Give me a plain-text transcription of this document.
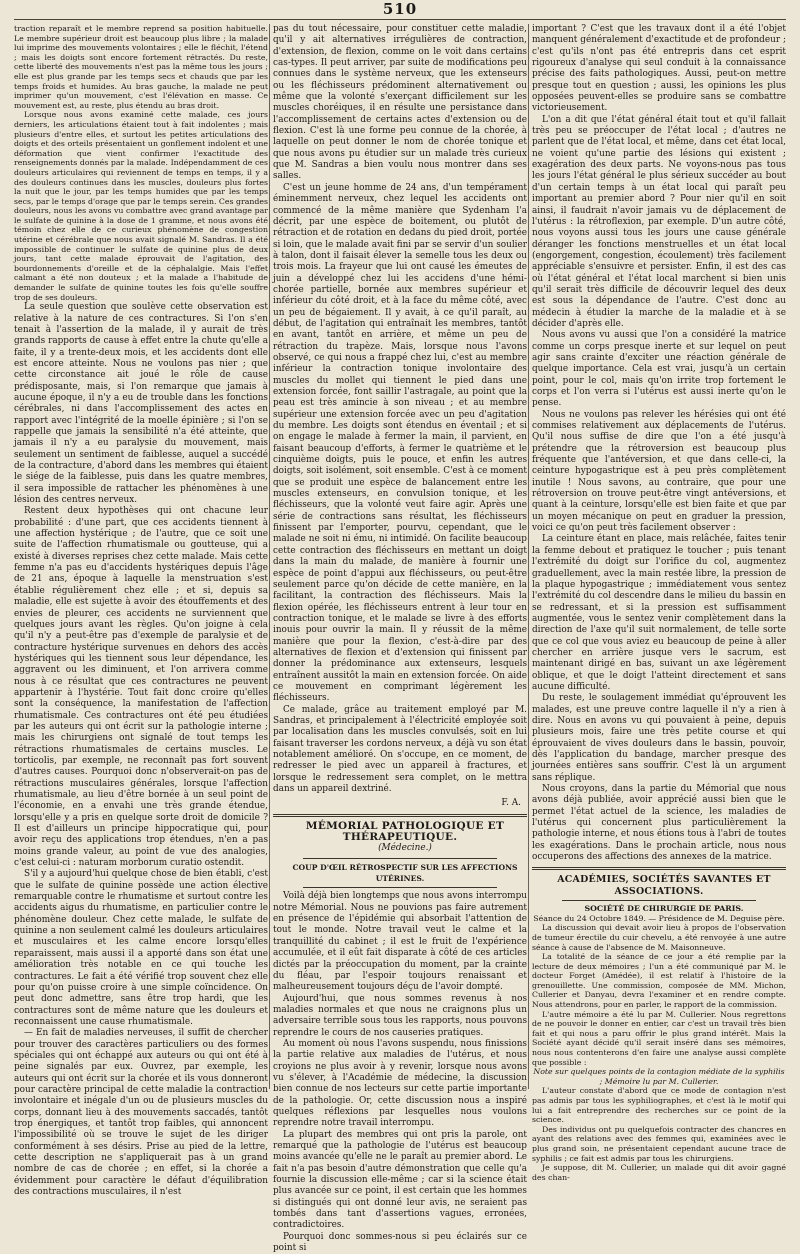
510

traction reparaît et le membre reprend sa position habituelle. Le membre supérieur droit est beaucoup plus libre ; la malade lui imprime des mouvements volontaires ; elle le fléchit, l'étend ; mais les doigts sont encore fortement rétractés. Du reste, cette liberté des mouvements n'est pas la même tous les jours ; elle est plus grande par les temps secs et chauds que par les temps froids et humides. Au bras gauche, la malade ne peut imprimer qu'un mouvement, c'est l'élévation en masse. Ce mouvement est, au reste, plus étendu au bras droit.

Lorsque nous avons examiné cette malade, ces jours derniers, les articulations étaient tout à fait indolentes ; mais plusieurs d'entre elles, et surtout les petites articulations des doigts et des orteils présentaient un gonflement indolent et une déformation que vient confirmer l'exactitude des renseignements donnés par la malade. Indépendamment de ces douleurs articulaires qui reviennent de temps en temps, il y a des douleurs continues dans les muscles, douleurs plus fortes la nuit que le jour, par les temps humides que par les temps secs, par le temps d'orage que par le temps serein. Ces grandes douleurs, nous les avons vu combattre avec grand avantage par le sulfate de quinine à la dose de 1 gramme, et nous avons été témoin chez elle de ce curieux phénomène de congestion utérine et cérébrale que nous avait signalé M. Sandras. Il a été impossible de continuer le sulfate de quinine plus de deux jours, tant cette malade éprouvait de l'agitation, des bourdonnements d'oreille et de la céphalalgie. Mais l'effet calmant a été non douteux ; et la malade a l'habitude de demander le sulfate de quinine toutes les fois qu'elle souffre trop de ses douleurs.

La seule question que soulève cette observation est relative à la nature de ces contractures. Si l'on s'en tenait à l'assertion de la malade, il y aurait de très grands rapports de cause à effet entre la chute qu'elle a faite, il y a trente-deux mois, et les accidents dont elle est encore atteinte. Nous ne voulons pas nier ; que cette circonstance ait joué le rôle de cause prédisposante, mais, si l'on remarque que jamais à aucune époque, il n'y a eu de trouble dans les fonctions cérébrales, ni dans l'accomplissement des actes en rapport avec l'intégrité de la moelle épinière ; si l'on se rappelle que jamais la sensibilité n'a été atteinte, que jamais il n'y a eu paralysie du mouvement, mais seulement un sentiment de faiblesse, auquel a succédé de la contracture, d'abord dans les membres qui étaient le siége de la faiblesse, puis dans les quatre membres, il sera impossible de rattacher les phénomènes à une lésion des centres nerveux.

Restent deux hypothèses qui ont chacune leur probabilité : d'une part, que ces accidents tiennent à une affection hystérique ; de l'autre, que ce soit une suite de l'affection rhumatismale ou goutteuse, qui a existé à diverses reprises chez cette malade. Mais cette femme n'a pas eu d'accidents hystériques depuis l'âge de 21 ans, époque à laquelle la menstruation s'est établie régulièrement chez elle ; et si, depuis sa maladie, elle est sujette à avoir des étouffements et des envies de pleurer, ces accidents ne surviennent que quelques jours avant les règles. Qu'on joigne à cela qu'il n'y a peut-être pas d'exemple de paralysie et de contracture hystérique survenues en dehors des accès hystériques qui les tiennent sous leur dépendance, les aggravent ou les diminuent, et l'on arrivera comme nous à ce résultat que ces contractures ne peuvent appartenir à l'hystérie. Tout fait donc croire qu'elles sont la conséquence, la manifestation de l'affection rhumatismale. Ces contractures ont été peu étudiées par les auteurs qui ont écrit sur la pathologie interne ; mais les chirurgiens ont signalé de tout temps les rétractions rhumatismales de certains muscles. Le torticolis, par exemple, ne reconnaît pas fort souvent d'autres causes. Pourquoi donc n'observerait-on pas de rétractions musculaires générales, lorsque l'affection rhumatismale, au lieu d'être bornée à un seul point de l'économie, en a envahi une très grande étendue, lorsqu'elle y a pris en quelque sorte droit de domicile ? Il est d'ailleurs un principe hippocratique qui, pour avoir reçu des applications trop étendues, n'en a pas moins grande valeur, au point de vue des analogies, c'est celui-ci : naturam morborum curatio ostendit.

S'il y a aujourd'hui quelque chose de bien établi, c'est que le sulfate de quinine possède une action élective remarquable contre le rhumatisme et surtout contre les accidents aigus du rhumatisme, en particulier contre le phénomène douleur. Chez cette malade, le sulfate de quinine a non seulement calmé les douleurs articulaires et musculaires et les calme encore lorsqu'elles reparaissent, mais aussi il a apporté dans son état une amélioration très notable en ce qui touche les contractures. Le fait a été vérifié trop souvent chez elle pour qu'on puisse croire à une simple coïncidence. On peut donc admettre, sans être trop hardi, que les contractures sont de même nature que les douleurs et reconnaissent une cause rhumatismale.

— En fait de maladies nerveuses, il suffit de chercher pour trouver des caractères particuliers ou des formes spéciales qui ont échappé aux auteurs ou qui ont été à peine signalés par eux. Ouvrez, par exemple, les auteurs qui ont écrit sur la chorée et ils vous donneront pour caractère principal de cette maladie la contraction involontaire et inégale d'un ou de plusieurs muscles du corps, donnant lieu à des mouvements saccadés, tantôt trop énergiques, et tantôt trop faibles, qui annoncent l'impossibilité où se trouve le sujet de les diriger conformément à ses désirs. Prise au pied de la lettre, cette description ne s'appliquerait pas à un grand nombre de cas de chorée ; en effet, si la chorée a évidemment pour caractère le défaut d'équilibration des contractions musculaires, il n'est

pas du tout nécessaire, pour constituer cette maladie, qu'il y ait alternatives irrégulières de contraction, d'extension, de flexion, comme on le voit dans certains cas-types. Il peut arriver, par suite de modifications peu connues dans le système nerveux, que les extenseurs ou les fléchisseurs prédominent alternativement ou même que la volonté s'exerçant difficilement sur les muscles choréiques, il en résulte une persistance dans l'accomplissement de certains actes d'extension ou de flexion. C'est là une forme peu connue de la chorée, à laquelle on peut donner le nom de chorée tonique et que nous avons pu étudier sur un malade très curieux que M. Sandras a bien voulu nous montrer dans ses salles.

C'est un jeune homme de 24 ans, d'un tempérament éminemment nerveux, chez lequel les accidents ont commencé de la même manière que Sydenham l'a décrit, par une espèce de boitement, ou plutôt de rétraction et de rotation en dedans du pied droit, portée si loin, que le malade avait fini par se servir d'un soulier à talon, dont il faisait élever la semelle tous les deux ou trois mois. La frayeur que lui ont causé les émeutes de juin a développé chez lui les accidens d'une hémi-chorée partielle, bornée aux membres supérieur et inférieur du côté droit, et à la face du même côté, avec un peu de bégaiement. Il y avait, à ce qu'il paraît, au début, de l'agitation qui entraînait les membres, tantôt en avant, tantôt en arrière, et même un peu de rétraction du trapèze. Mais, lorsque nous l'avons observé, ce qui nous a frappé chez lui, c'est au membre inférieur la contraction tonique involontaire des muscles du mollet qui tiennent le pied dans une extension forcée, font saillir l'astragale, au point que la peau est très amincie à son niveau ; et au membre supérieur une extension forcée avec un peu d'agitation du membre. Les doigts sont étendus en éventail ; et si on engage le malade à fermer la main, il parvient, en faisant beaucoup d'efforts, à fermer le quatrième et le cinquième doigts, puis le pouce, et enfin les autres doigts, soit isolément, soit ensemble. C'est à ce moment que se produit une espèce de balancement entre les muscles extenseurs, en convulsion tonique, et les fléchisseurs, que la volonté veut faire agir. Après une série de contractions sans résultat, les fléchisseurs finissent par l'emporter, pourvu, cependant, que le malade ne soit ni ému, ni intimidé. On facilite beaucoup cette contraction des fléchisseurs en mettant un doigt dans la main du malade, de manière à fournir une espèce de point d'appui aux fléchisseurs, ou peut-être seulement parce qu'on décide de cette manière, en la facilitant, la contraction des fléchisseurs. Mais la flexion opérée, les fléchisseurs entrent à leur tour en contraction tonique, et le malade se livre à des efforts inouis pour ouvrir la main. Il y réussit de la même manière que pour la flexion, c'est-à-dire par des alternatives de flexion et d'extension qui finissent par donner la prédominance aux extenseurs, lesquels entraînent aussitôt la main en extension forcée. On aide ce mouvement en comprimant légèrement les fléchisseurs.

Ce malade, grâce au traitement employé par M. Sandras, et principalement à l'électricité employée soit par localisation dans les muscles convulsés, soit en lui faisant traverser les cordons nerveux, a déjà vu son état notablement amélioré. On s'occupe, en ce moment, de redresser le pied avec un appareil à fractures, et lorsque le redressement sera complet, on le mettra dans un appareil dextriné.

F. A.

MÉMORIAL PATHOLOGIQUE ET THÉRAPEUTIQUE.

(Médecine.)

COUP D'ŒIL RÉTROSPECTIF SUR LES AFFECTIONS UTÉRINES.

Voilà déjà bien longtemps que nous avons interrompu notre Mémorial. Nous ne pouvions pas faire autrement en présence de l'épidémie qui absorbait l'attention de tout le monde. Notre travail veut le calme et la tranquillité du cabinet ; il est le fruit de l'expérience accumulée, et il eût fait disparate à côté de ces articles dictés par la préoccupation du moment, par la crainte du fléau, par l'espoir toujours renaissant et malheureusement toujours déçu de l'avoir dompté.

Aujourd'hui, que nous sommes revenus à nos maladies normales et que nous ne craignons plus un adversaire terrible sous tous les rapports, nous pouvons reprendre le cours de nos causeries pratiques.

Au moment où nous l'avons suspendu, nous finissions la partie relative aux maladies de l'utérus, et nous croyions ne plus avoir à y revenir, lorsque nous avons vu s'élever, à l'Académie de médecine, la discussion bien connue de nos lecteurs sur cette partie importante de la pathologie. Or, cette discussion nous a inspiré quelques réflexions par lesquelles nous voulons reprendre notre travail interrompu.

La plupart des membres qui ont pris la parole, ont remarqué que la pathologie de l'utérus est beaucoup moins avancée qu'elle ne le paraît au premier abord. Le fait n'a pas besoin d'autre démonstration que celle qu'a fournie la discussion elle-même ; car si la science était plus avancée sur ce point, il est certain que les hommes si distingués qui ont donné leur avis, ne seraient pas tombés dans tant d'assertions vagues, erronées, contradictoires.

Pourquoi donc sommes-nous si peu éclairés sur ce point si

important ? C'est que les travaux dont il a été l'objet manquent généralement d'exactitude et de profondeur ; c'est qu'ils n'ont pas été entrepris dans cet esprit rigoureux d'analyse qui seul conduit à la connaissance précise des faits pathologiques. Aussi, peut-on mettre presque tout en question ; aussi, les opinions les plus opposées peuvent-elles se produire sans se combattre victorieusement.

L'on a dit que l'état général était tout et qu'il fallait très peu se préoccuper de l'état local ; d'autres ne parlent que de l'état local, et même, dans cet état local, ne voient qu'une partie des lésions qui existent ; exagération des deux parts. Ne voyons-nous pas tous les jours l'état général le plus sérieux succéder au bout d'un certain temps à un état local qui paraît peu important au premier abord ? Pour nier qu'il en soit ainsi, il faudrait n'avoir jamais vu de déplacement de l'utérus : la rétroflexion, par exemple. D'un autre côté, nous voyons aussi tous les jours une cause générale déranger les fonctions menstruelles et un état local (engorgement, congestion, écoulement) très facilement appréciable s'ensuivre et persister. Enfin, il est des cas où l'état général et l'état local marchent si bien unis qu'il serait très difficile de découvrir lequel des deux est sous la dépendance de l'autre. C'est donc au médecin à étudier la marche de la maladie et à se décider d'après elle.

Nous avons vu aussi que l'on a considéré la matrice comme un corps presque inerte et sur lequel on peut agir sans crainte d'exciter une réaction générale de quelque importance. Cela est vrai, jusqu'à un certain point, pour le col, mais qu'on irrite trop fortement le corps et l'on verra si l'utérus est aussi inerte qu'on le pense.

Nous ne voulons pas relever les hérésies qui ont été commises relativement aux déplacements de l'utérus. Qu'il nous suffise de dire que l'on a été jusqu'à prétendre que la rétroversion est beaucoup plus fréquente que l'antéversion, et que dans celle-ci, la ceinture hypogastrique est à peu près complètement inutile ! Nous savons, au contraire, que pour une rétroversion on trouve peut-être vingt antéversions, et quant à la ceinture, lorsqu'elle est bien faite et que par un moyen mécanique on peut en graduer la pression, voici ce qu'on peut très facilement observer :

La ceinture étant en place, mais relâchée, faites tenir la femme debout et pratiquez le toucher ; puis tenant l'extrémité du doigt sur l'orifice du col, augmentez graduellement, avec la main restée libre, la pression de la plaque hypogastrique ; immédiatement vous sentez l'extrémité du col descendre dans le milieu du bassin en se redressant, et si la pression est suffisamment augmentée, vous le sentez venir complètement dans la direction de l'axe qu'il suit normalement, de telle sorte que ce col que vous aviez eu beaucoup de peine à aller chercher en arrière jusque vers le sacrum, est maintenant dirigé en bas, suivant un axe légèrement oblique, et que le doigt l'atteint directement et sans aucune difficulté.

Du reste, le soulagement immédiat qu'éprouvent les malades, est une preuve contre laquelle il n'y a rien à dire. Nous en avons vu qui pouvaient à peine, depuis plusieurs mois, faire une très petite course et qui éprouvaient de vives douleurs dans le bassin, pouvoir, dès l'application du bandage, marcher presque des journées entières sans souffrir. C'est là un argument sans réplique.

Nous croyons, dans la partie du Mémorial que nous avons déjà publiée, avoir apprécié aussi bien que le permet l'état actuel de la science, les maladies de l'utérus qui concernent plus particulièrement la pathologie interne, et nous étions tous à l'abri de toutes les exagérations. Dans le prochain article, nous nous occuperons des affections des annexes de la matrice.

ACADÉMIES, SOCIÉTÉS SAVANTES ET ASSOCIATIONS.

SOCIÉTÉ DE CHIRURGIE DE PARIS.

Séance du 24 Octobre 1849. — Présidence de M. Deguise père.

La discussion qui devait avoir lieu à propos de l'observation de tumeur érectile du cuir chevelu, a été renvoyée à une autre séance à cause de l'absence de M. Maisonneuve.

La totalité de la séance de ce jour a été remplie par la lecture de deux mémoires ; l'un a été communiqué par M. le docteur Forget (Amédée), il est relatif à l'histoire de la grenouillette. Une commission, composée de MM. Michon, Cullerier et Danyau, devra l'examiner et en rendre compte. Nous attendrons, pour en parler, le rapport de la commission.

L'autre mémoire a été lu par M. Cullerier. Nous regrettons de ne pouvoir le donner en entier, car c'est un travail très bien fait et qui nous a paru offrir le plus grand intérêt. Mais la Société ayant décidé qu'il serait inséré dans ses mémoires, nous nous contenterons d'en faire une analyse aussi complète que possible :

Note sur quelques points de la contagion médiate de la syphilis ; Mémoire lu par M. Cullerier.

L'auteur constate d'abord que ce mode de contagion n'est pas admis par tous les syphiliographes, et c'est là le motif qui lui a fait entreprendre des recherches sur ce point de la science.

Des individus ont pu quelquefois contracter des chancres en ayant des relations avec des femmes qui, examinées avec le plus grand soin, ne présentaient cependant aucune trace de syphilis ; ce fait est admis par tous les chirurgiens.

Je suppose, dit M. Cullerier, un malade qui dit avoir gagné des chan-
